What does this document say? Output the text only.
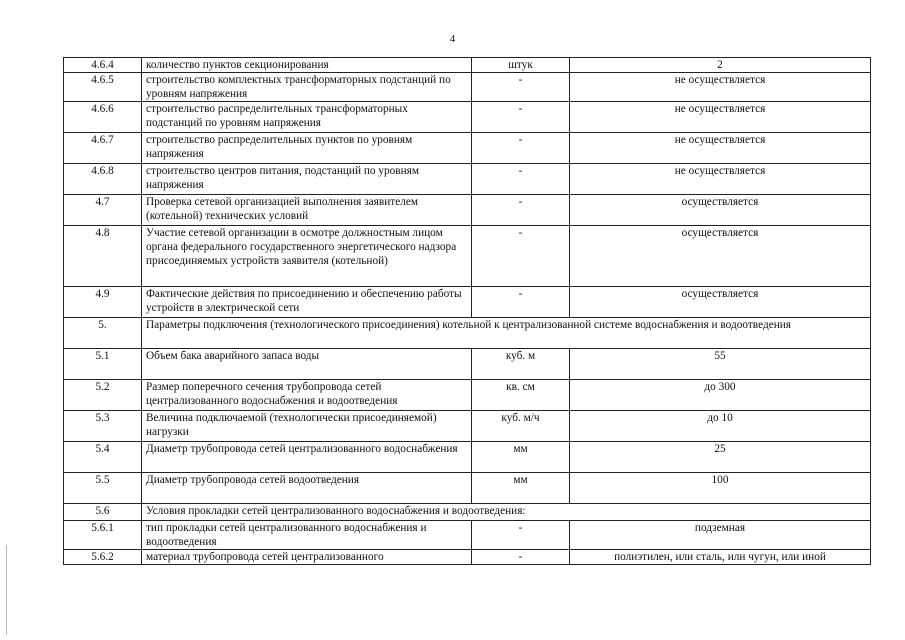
4
4.6.4	количество пунктов секционирования	штук	2
4.6.5	строительство комплектных трансформаторных подстанций по уровням напряжения	-	не осуществляется
4.6.6	строительство распределительных трансформаторных подстанций по уровням напряжения	-	не осуществляется
4.6.7	строительство распределительных пунктов по уровням напряжения	-	не осуществляется
4.6.8	строительство центров питания, подстанций по уровням напряжения	-	не осуществляется
4.7	Проверка сетевой организацией выполнения заявителем (котельной) технических условий	-	осуществляется
4.8	Участие сетевой организации в осмотре должностным лицом органа федерального государственного энергетического надзора присоединяемых устройств заявителя (котельной)	-	осуществляется
4.9	Фактические действия по присоединению и обеспечению работы устройств в электрической сети	-	осуществляется
5.	Параметры подключения (технологического присоединения) котельной к централизованной системе водоснабжения и водоотведения		
5.1	Объем бака аварийного запаса воды	куб. м	55
5.2	Размер поперечного сечения трубопровода сетей централизованного водоснабжения и водоотведения	кв. см	до 300
5.3	Величина подключаемой (технологически присоединяемой) нагрузки	куб. м/ч	до 10
5.4	Диаметр трубопровода сетей централизованного водоснабжения	мм	25
5.5	Диаметр трубопровода сетей водоотведения	мм	100
5.6	Условия прокладки сетей централизованного водоснабжения и водоотведения:		
5.6.1	тип прокладки сетей централизованного водоснабжения и водоотведения	-	подземная
5.6.2	материал трубопровода сетей централизованного	-	полиэтилен, или сталь, или чугун, или иной
